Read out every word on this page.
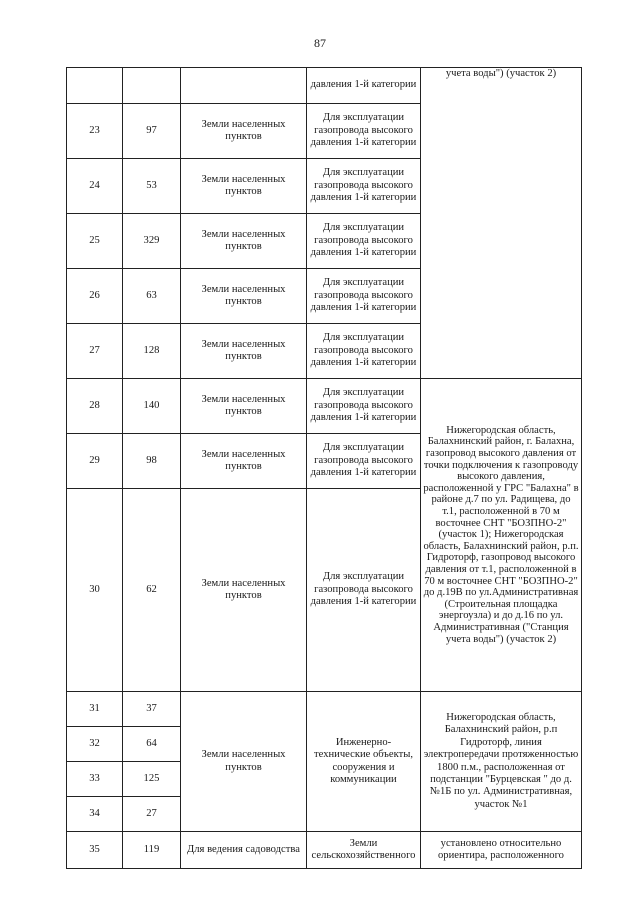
87
			давления 1-й категории	учета воды") (участок 2)
23	97	Земли населенных пунктов	Для эксплуатации газопровода высокого давления 1-й категории	
24	53	Земли населенных пунктов	Для эксплуатации газопровода высокого давления 1-й категории	
25	329	Земли населенных пунктов	Для эксплуатации газопровода высокого давления 1-й категории	
26	63	Земли населенных пунктов	Для эксплуатации газопровода высокого давления 1-й категории	
27	128	Земли населенных пунктов	Для эксплуатации газопровода высокого давления 1-й категории	
28	140	Земли населенных пунктов	Для эксплуатации газопровода высокого давления 1-й категории	Нижегородская область, Балахнинский район, г. Балахна, газопровод высокого давления от точки подключения к газопроводу высокого давления, расположенной у ГРС "Балахна" в районе д.7 по ул. Радищева, до т.1, расположенной в 70 м восточнее СНТ "БОЗПНО-2" (участок 1); Нижегородская область, Балахнинский район, р.п. Гидроторф, газопровод высокого давления от т.1, расположенной в 70 м восточнее СНТ "БОЗПНО-2" до д.19В по ул.Административная (Строительная площадка энергоузла) и до д.16 по ул. Административная ("Станция учета воды") (участок 2)
29	98	Земли населенных пунктов	Для эксплуатации газопровода высокого давления 1-й категории	
30	62	Земли населенных пунктов	Для эксплуатации газопровода высокого давления 1-й категории	
31	37	Земли населенных пунктов	Инженерно-технические объекты, сооружения и коммуникации	Нижегородская область, Балахнинский район, р.п Гидроторф, линия электропередачи протяженностью 1800 п.м., расположенная от подстанции "Бурцевская " до д. №1Б по ул. Административная, участок №1
32	64			
33	125			
34	27			
35	119	Для ведения садоводства	Земли сельскохозяйственного	установлено относительно ориентира, расположенного
